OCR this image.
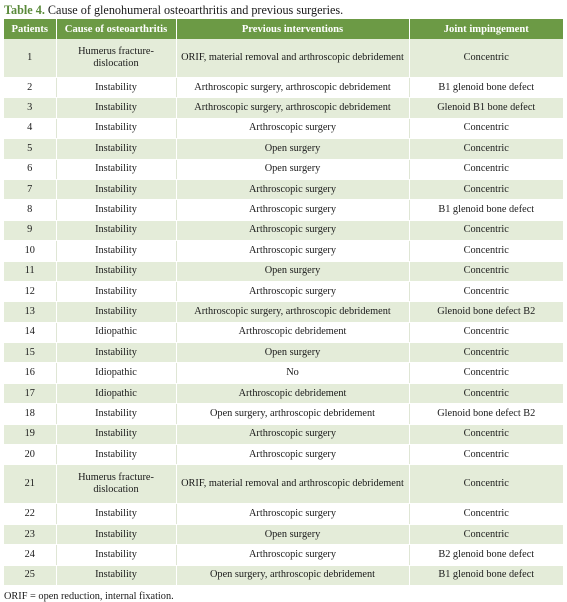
Table 4. Cause of glenohumeral osteoarthritis and previous surgeries.
Patients	Cause of osteoarthritis	Previous interventions	Joint impingement
1	Humerus fracture-dislocation	ORIF, material removal and arthroscopic debridement	Concentric
2	Instability	Arthroscopic surgery, arthroscopic debridement	B1 glenoid bone defect
3	Instability	Arthroscopic surgery, arthroscopic debridement	Glenoid B1 bone defect
4	Instability	Arthroscopic surgery	Concentric
5	Instability	Open surgery	Concentric
6	Instability	Open surgery	Concentric
7	Instability	Arthroscopic surgery	Concentric
8	Instability	Arthroscopic surgery	B1 glenoid bone defect
9	Instability	Arthroscopic surgery	Concentric
10	Instability	Arthroscopic surgery	Concentric
11	Instability	Open surgery	Concentric
12	Instability	Arthroscopic surgery	Concentric
13	Instability	Arthroscopic surgery, arthroscopic debridement	Glenoid bone defect B2
14	Idiopathic	Arthroscopic debridement	Concentric
15	Instability	Open surgery	Concentric
16	Idiopathic	No	Concentric
17	Idiopathic	Arthroscopic debridement	Concentric
18	Instability	Open surgery, arthroscopic debridement	Glenoid bone defect B2
19	Instability	Arthroscopic surgery	Concentric
20	Instability	Arthroscopic surgery	Concentric
21	Humerus fracture-dislocation	ORIF, material removal and arthroscopic debridement	Concentric
22	Instability	Arthroscopic surgery	Concentric
23	Instability	Open surgery	Concentric
24	Instability	Arthroscopic surgery	B2 glenoid bone defect
25	Instability	Open surgery, arthroscopic debridement	B1 glenoid bone defect
ORIF = open reduction, internal fixation.
